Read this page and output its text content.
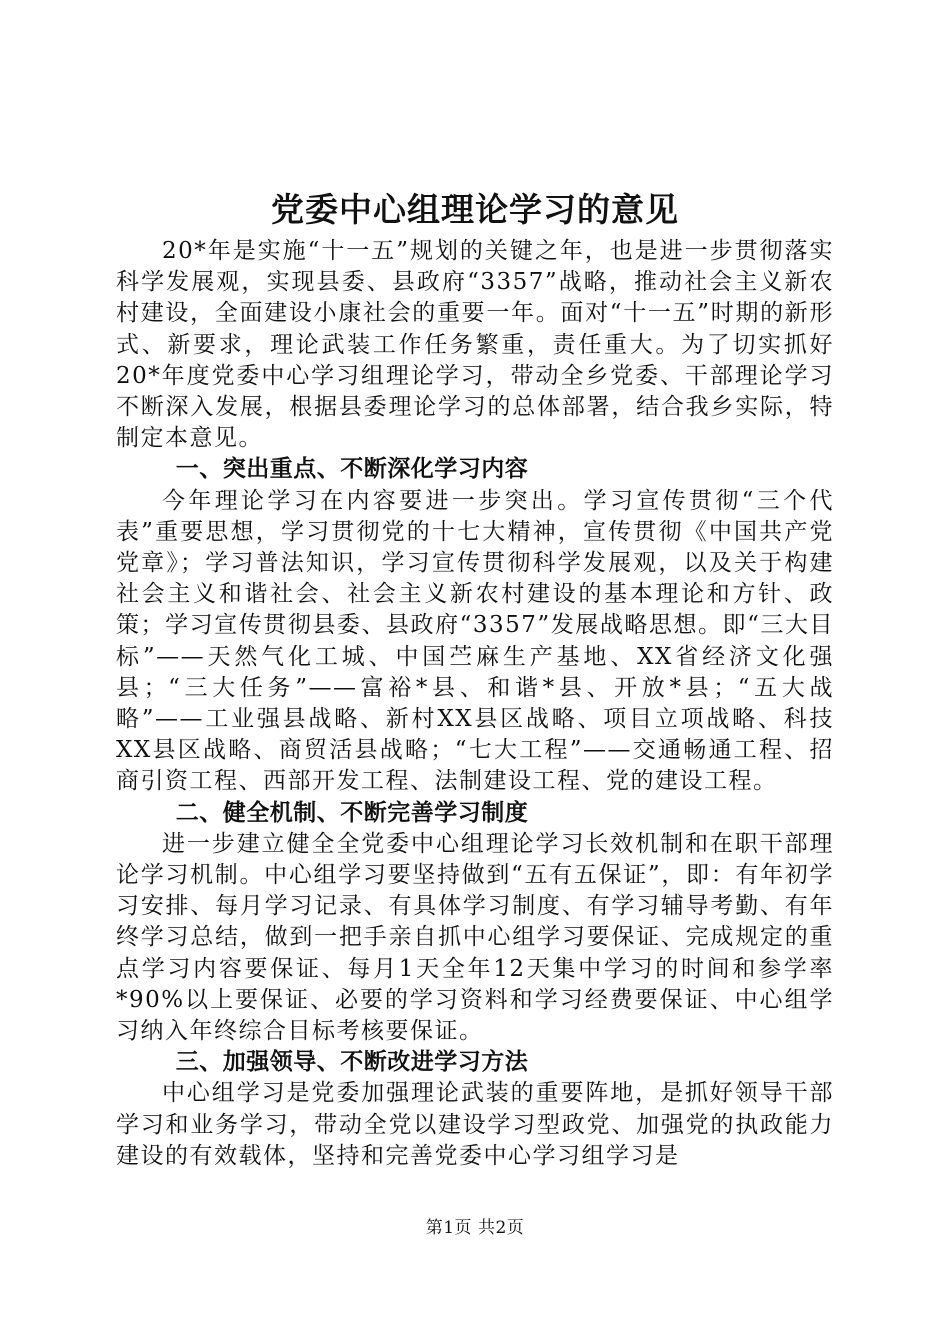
党委中心组理论学习的意见

20*年是实施“十一五”规划的关键之年，也是进一步贯彻落实科学发展观，实现县委、县政府“3357”战略，推动社会主义新农村建设，全面建设小康社会的重要一年。面对“十一五”时期的新形式、新要求，理论武装工作任务繁重，责任重大。为了切实抓好20*年度党委中心学习组理论学习，带动全乡党委、干部理论学习不断深入发展，根据县委理论学习的总体部署，结合我乡实际，特制定本意见。

一、突出重点、不断深化学习内容

今年理论学习在内容要进一步突出。学习宣传贯彻“三个代表”重要思想，学习贯彻党的十七大精神，宣传贯彻《中国共产党党章》；学习普法知识，学习宣传贯彻科学发展观，以及关于构建社会主义和谐社会、社会主义新农村建设的基本理论和方针、政策；学习宣传贯彻县委、县政府“3357”发展战略思想。即“三大目标”——天然气化工城、中国苎麻生产基地、XX省经济文化强县；“三大任务”——富裕*县、和谐*县、开放*县；“五大战略”——工业强县战略、新村XX县区战略、项目立项战略、科技XX县区战略、商贸活县战略；“七大工程”——交通畅通工程、招商引资工程、西部开发工程、法制建设工程、党的建设工程。

二、健全机制、不断完善学习制度

进一步建立健全全党委中心组理论学习长效机制和在职干部理论学习机制。中心组学习要坚持做到“五有五保证”，即：有年初学习安排、每月学习记录、有具体学习制度、有学习辅导考勤、有年终学习总结，做到一把手亲自抓中心组学习要保证、完成规定的重点学习内容要保证、每月1天全年12天集中学习的时间和参学率*90%以上要保证、必要的学习资料和学习经费要保证、中心组学习纳入年终综合目标考核要保证。

三、加强领导、不断改进学习方法

中心组学习是党委加强理论武装的重要阵地，是抓好领导干部学习和业务学习，带动全党以建设学习型政党、加强党的执政能力建设的有效载体，坚持和完善党委中心学习组学习是

第1页 共2页
